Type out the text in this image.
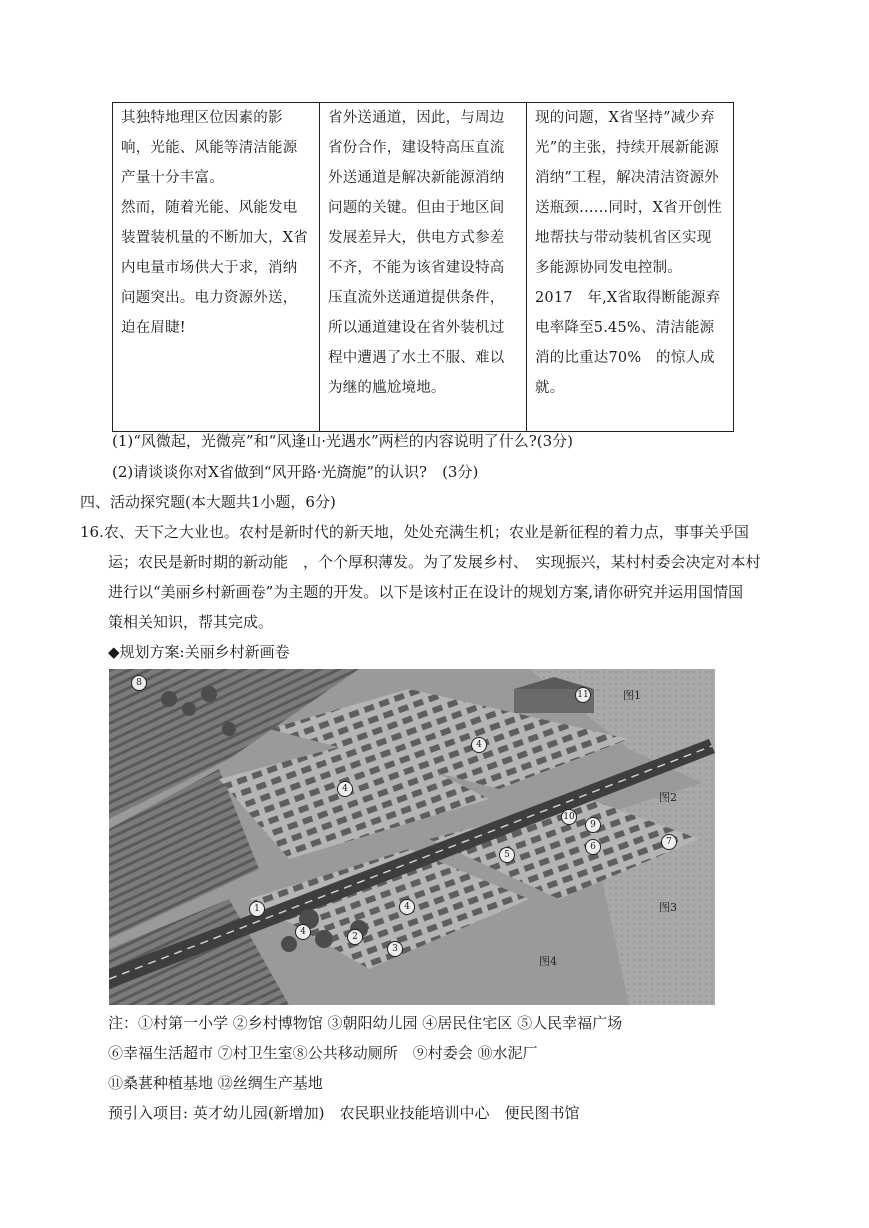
其独特地理区位因素的影响，光能、风能等清洁能源产量十分丰富。

然而，随着光能、风能发电装置装机量的不断加大，X省内电量市场供大于求，消纳问题突出。电力资源外送，迫在眉睫!

省外送通道，因此，与周边省份合作，建设特高压直流外送通道是解决新能源消纳问题的关键。但由于地区间发展差异大，供电方式参差不齐，不能为该省建设特高压直流外送通道提供条件，所以通道建设在省外装机过程中遭遇了水土不服、难以为继的尴尬境地。

现的问题，X省坚持”减少弃光”的主张，持续开展新能源消纳”工程，解决清洁资源外送瓶颈……同时，X省开创性地帮扶与带动装机省区实现多能源协同发电控制。

2017　年,X省取得断能源弃电率降至5.45%、清洁能源消的比重达70%　的惊人成就。

(1)“风微起，光微亮”和“风逢山·光遇水”两栏的内容说明了什么?(3分)
(2)请谈谈你对X省做到“风开路·光旖旎”的认识?　(3分)
四、活动探究题(本大题共1小题，6分)
16.农、天下之大业也。农村是新时代的新天地，处处充满生机；农业是新征程的着力点，事事关乎国
运；农民是新时期的新动能　，个个厚积薄发。为了发展乡村、　实现振兴，某村村委会决定对本村
进行以“美丽乡村新画卷”为主题的开发。以下是该村正在设计的规划方案,请你研究并运用国情国
策相关知识，帮其完成。
◆规划方案:关丽乡村新画卷
8
1
2
3
4
4
4
4
5
6	7
9
10
11	图1
图2
图3
图4
注：①村第一小学 ②乡村博物馆 ③朝阳幼儿园 ④居民住宅区 ⑤人民幸福广场
⑥幸福生活超市 ⑦村卫生室⑧公共移动厕所　⑨村委会 ⑩水泥厂
⑪桑葚种植基地 ⑫丝绸生产基地
预引入项目: 英才幼儿园(新增加)　农民职业技能培训中心　便民图书馆
